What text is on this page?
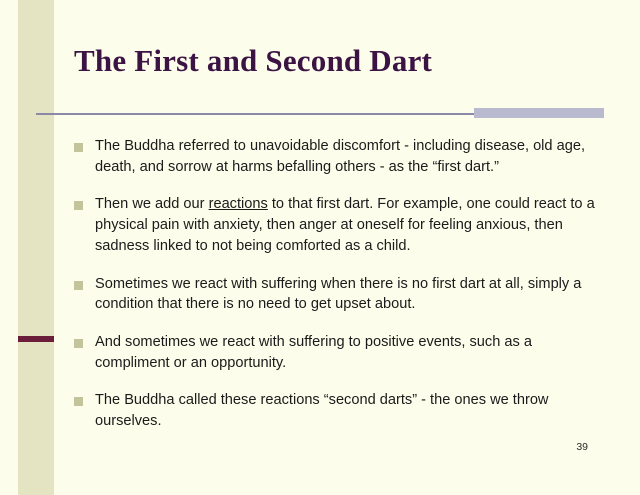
The First and Second Dart
The Buddha referred to unavoidable discomfort - including disease, old age, death, and sorrow at harms befalling others - as the “first dart.”
Then we add our reactions to that first dart. For example, one could react to a physical pain with anxiety, then anger at oneself for feeling anxious, then sadness linked to not being comforted as a child.
Sometimes we react with suffering when there is no first dart at all, simply a condition that there is no need to get upset about.
And sometimes we react with suffering to positive events, such as a compliment or an opportunity.
The Buddha called these reactions “second darts” - the ones we throw ourselves.
39
